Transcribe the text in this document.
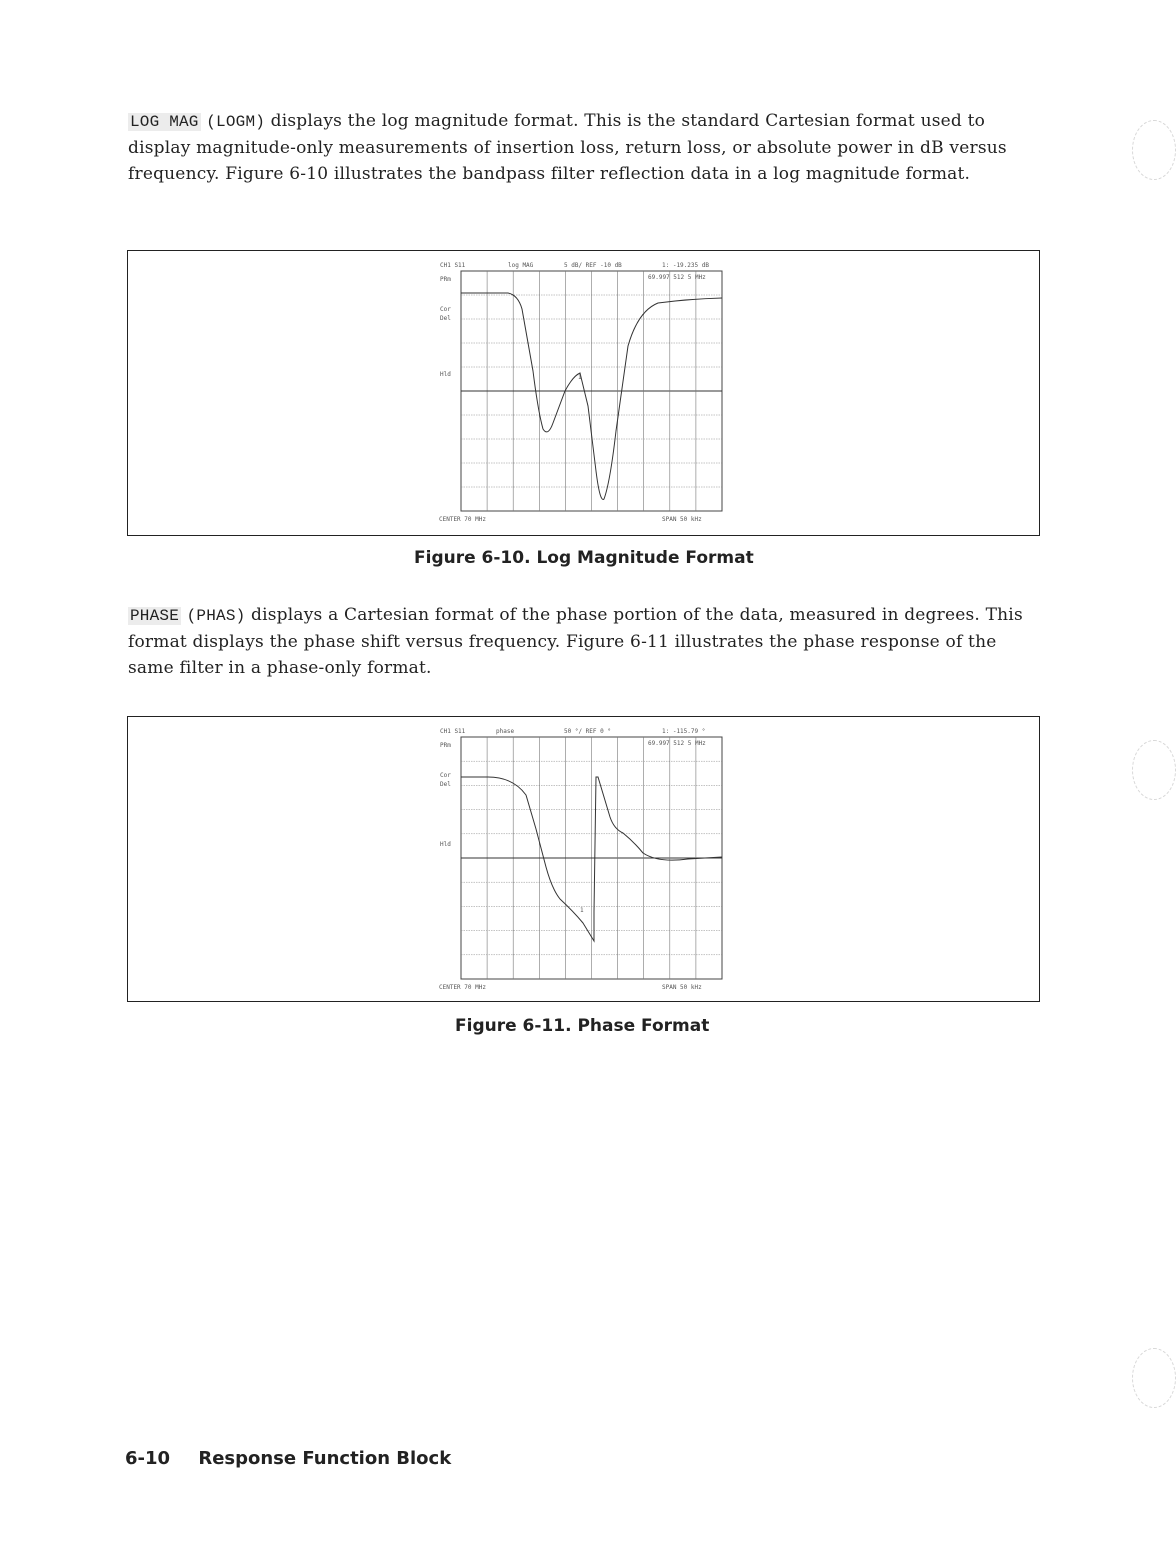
LOG MAG (LOGM) displays the log magnitude format. This is the standard Cartesian format used to display magnitude-only measurements of insertion loss, return loss, or absolute power in dB versus frequency. Figure 6-10 illustrates the bandpass filter reflection data in a log magnitude format.
CH1 S11	log MAG	5 dB/ REF -10 dB	1: -19.235 dB
PRm
Cor
Del
Hld
69.997 512 5 MHz
1
CENTER 70 MHz	SPAN 50 kHz
Figure 6-10. Log Magnitude Format
PHASE (PHAS) displays a Cartesian format of the phase portion of the data, measured in degrees. This format displays the phase shift versus frequency. Figure 6-11 illustrates the phase response of the same filter in a phase-only format.
CH1 S11	phase	50 °/ REF 0 °	1: -115.79 °
PRm
Cor
Del
Hld
69.997 512 5 MHz
1
CENTER 70 MHz	SPAN 50 kHz
Figure 6-11. Phase Format
6-10 Response Function Block
